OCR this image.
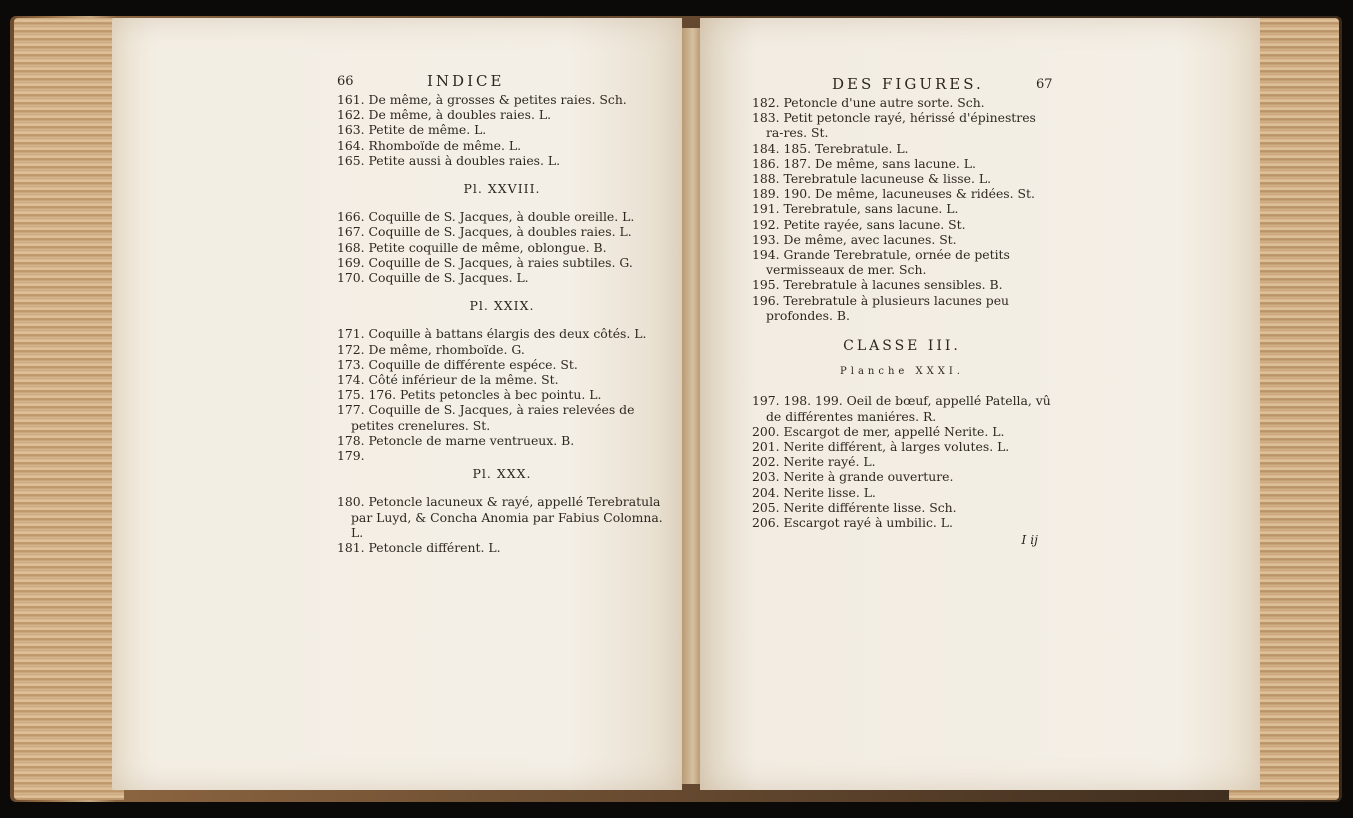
66	INDICE
161. De même, à grosses & petites raies. Sch.
162. De même, à doubles raies. L.
163. Petite de même. L.
164. Rhomboïde de même. L.
165. Petite aussi à doubles raies. L.
Pl. XXVIII.
166. Coquille de S. Jacques, à double oreille. L.
167. Coquille de S. Jacques, à doubles raies. L.
168. Petite coquille de même, oblongue. B.
169. Coquille de S. Jacques, à raies subtiles. G.
170. Coquille de S. Jacques. L.
Pl. XXIX.
171. Coquille à battans élargis des deux côtés. L.
172. De même, rhomboïde. G.
173. Coquille de différente espéce. St.
174. Côté inférieur de la même. St.
175. 176. Petits petoncles à bec pointu. L.
177. Coquille de S. Jacques, à raies relevées de petites crenelures. St.
178. Petoncle de marne ventrueux. B.
179.
Pl. XXX.
180. Petoncle lacuneux & rayé, appellé Terebratula par Luyd, & Concha Anomia par Fabius Colomna. L.
181. Petoncle différent. L.
DES FIGURES.	67
182. Petoncle d'une autre sorte. Sch.
183. Petit petoncle rayé, hérissé d'épinestres ra-res. St.
184. 185. Terebratule. L.
186. 187. De même, sans lacune. L.
188. Terebratule lacuneuse & lisse. L.
189. 190. De même, lacuneuses & ridées. St.
191. Terebratule, sans lacune. L.
192. Petite rayée, sans lacune. St.
193. De même, avec lacunes. St.
194. Grande Terebratule, ornée de petits vermisseaux de mer. Sch.
195. Terebratule à lacunes sensibles. B.
196. Terebratule à plusieurs lacunes peu profondes. B.
CLASSE III.
Planche XXXI.
197. 198. 199. Oeil de bœuf, appellé Patella, vû de différentes maniéres. R.
200. Escargot de mer, appellé Nerite. L.
201. Nerite différent, à larges volutes. L.
202. Nerite rayé. L.
203. Nerite à grande ouverture.
204. Nerite lisse. L.
205. Nerite différente lisse. Sch.
206. Escargot rayé à umbilic. L.
I ij
